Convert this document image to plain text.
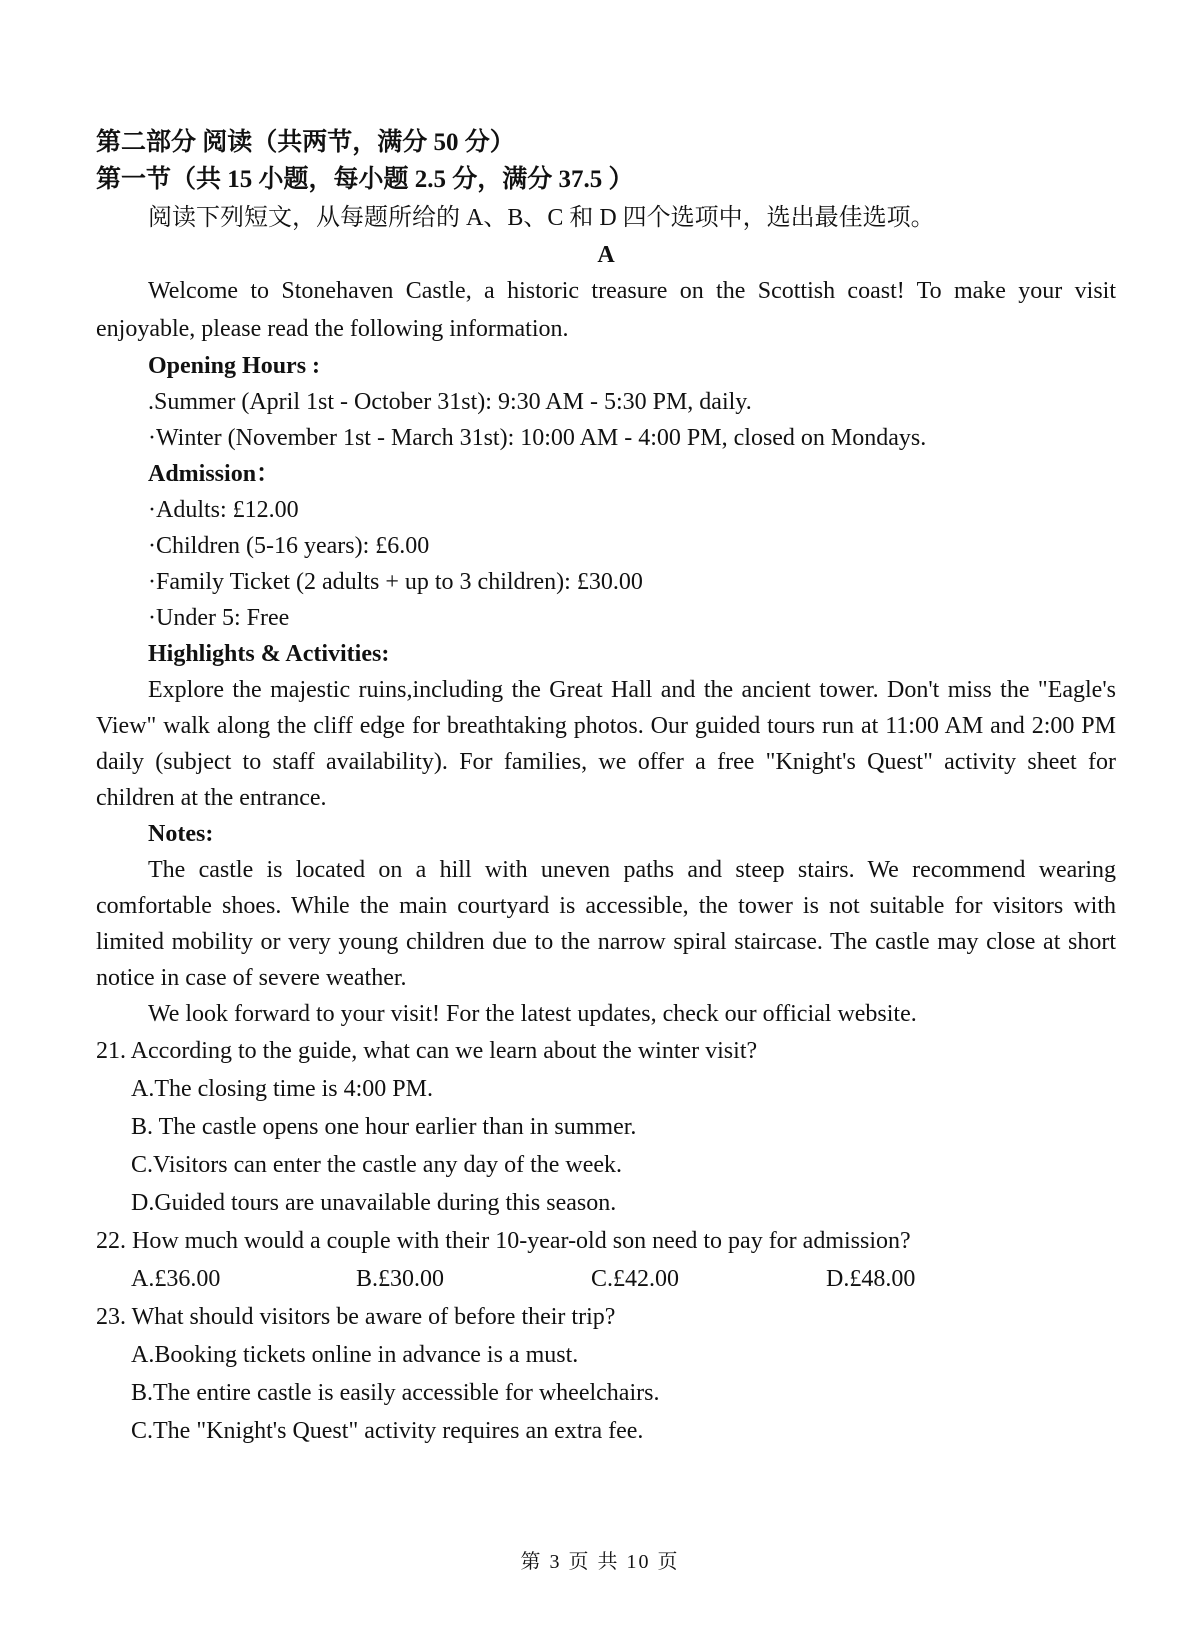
第二部分 阅读（共两节，满分 50 分）
第一节（共 15 小题，每小题 2.5 分，满分 37.5 ）
阅读下列短文，从每题所给的 A、B、C 和 D 四个选项中，选出最佳选项。
A
Welcome to Stonehaven Castle, a historic treasure on the Scottish coast! To make your visit enjoyable, please read the following information.
Opening Hours :
.Summer (April 1st - October 31st): 9:30 AM - 5:30 PM, daily.
·Winter (November 1st - March 31st): 10:00 AM - 4:00 PM, closed on Mondays.
Admission：
·Adults: £12.00
·Children (5-16 years): £6.00
·Family Ticket (2 adults + up to 3 children): £30.00
·Under 5: Free
Highlights & Activities:
Explore the majestic ruins,including the Great Hall and the ancient tower. Don't miss the "Eagle's View" walk along the cliff edge for breathtaking photos. Our guided tours run at 11:00 AM and 2:00 PM daily (subject to staff availability). For families, we offer a free "Knight's Quest" activity sheet for children at the entrance.
Notes:
The castle is located on a hill with uneven paths and steep stairs. We recommend wearing comfortable shoes. While the main courtyard is accessible, the tower is not suitable for visitors with limited mobility or very young children due to the narrow spiral staircase. The castle may close at short notice in case of severe weather.
We look forward to your visit! For the latest updates, check our official website.
21. According to the guide, what can we learn about the winter visit?
A.The closing time is 4:00 PM.
B. The castle opens one hour earlier than in summer.
C.Visitors can enter the castle any day of the week.
D.Guided tours are unavailable during this season.
22. How much would a couple with their 10-year-old son need to pay for admission?
A.£36.00	B.£30.00	C.£42.00	D.£48.00
23. What should visitors be aware of before their trip?
A.Booking tickets online in advance is a must.
B.The entire castle is easily accessible for wheelchairs.
C.The "Knight's Quest" activity requires an extra fee.
第 3 页 共 10 页
